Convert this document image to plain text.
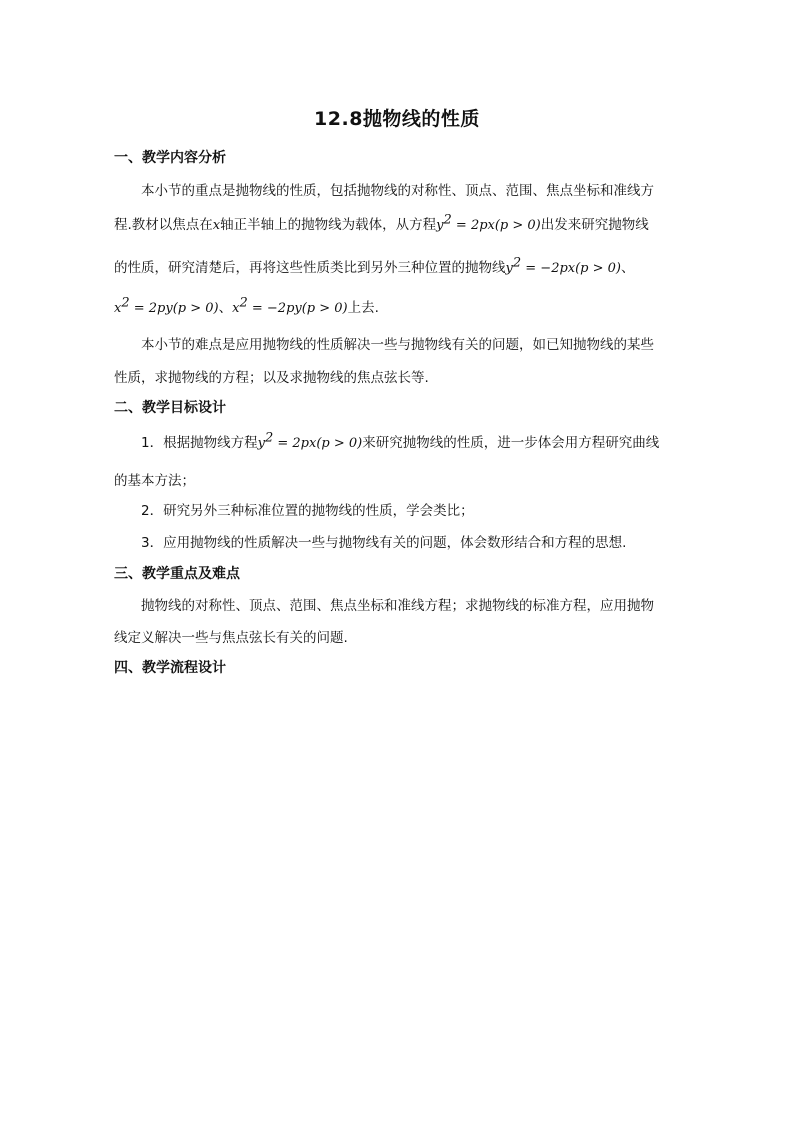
12.8抛物线的性质
一、教学内容分析
本小节的重点是抛物线的性质，包括抛物线的对称性、顶点、范围、焦点坐标和准线方
程.教材以焦点在x轴正半轴上的抛物线为载体，从方程$y^2 = 2px(p > 0)$出发来研究抛物线
的性质，研究清楚后，再将这些性质类比到另外三种位置的抛物线$y^2 = -2px(p > 0)$、
$x^2 = 2py(p > 0)$、$x^2 = -2py(p > 0)$上去.
本小节的难点是应用抛物线的性质解决一些与抛物线有关的问题，如已知抛物线的某些
性质，求抛物线的方程；以及求抛物线的焦点弦长等.
二、教学目标设计
1．根据抛物线方程$y^2 = 2px(p > 0)$来研究抛物线的性质，进一步体会用方程研究曲线
的基本方法；
2．研究另外三种标准位置的抛物线的性质，学会类比；
3．应用抛物线的性质解决一些与抛物线有关的问题，体会数形结合和方程的思想.
三、教学重点及难点
抛物线的对称性、顶点、范围、焦点坐标和准线方程；求抛物线的标准方程，应用抛物
线定义解决一些与焦点弦长有关的问题.
四、教学流程设计
